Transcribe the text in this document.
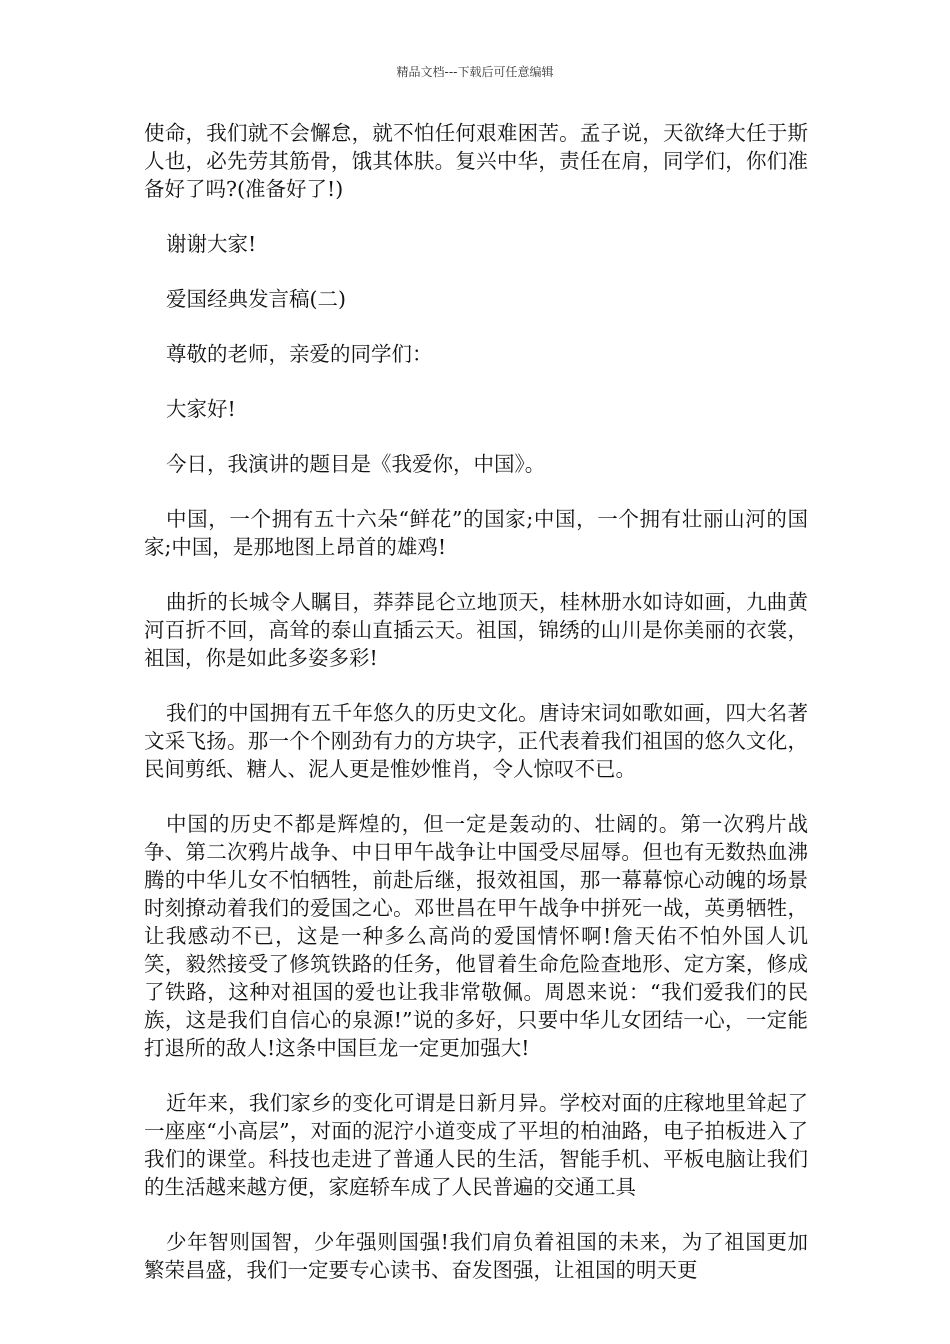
精品文档---下载后可任意编辑

使命，我们就不会懈怠，就不怕任何艰难困苦。孟子说，天欲绛大任于斯人也，必先劳其筋骨，饿其体肤。复兴中华，责任在肩，同学们，你们准备好了吗?(准备好了!)

谢谢大家!

爱国经典发言稿(二)

尊敬的老师，亲爱的同学们：

大家好!

今日，我演讲的题目是《我爱你，中国》。

中国，一个拥有五十六朵“鲜花”的国家;中国，一个拥有壮丽山河的国家;中国，是那地图上昂首的雄鸡!

曲折的长城令人瞩目，莽莽昆仑立地顶天，桂林册水如诗如画，九曲黄河百折不回，高耸的泰山直插云天。祖国，锦绣的山川是你美丽的衣裳，祖国，你是如此多姿多彩!

我们的中国拥有五千年悠久的历史文化。唐诗宋词如歌如画，四大名著文采飞扬。那一个个刚劲有力的方块字，正代表着我们祖国的悠久文化，民间剪纸、糖人、泥人更是惟妙惟肖，令人惊叹不已。

中国的历史不都是辉煌的，但一定是轰动的、壮阔的。第一次鸦片战争、第二次鸦片战争、中日甲午战争让中国受尽屈辱。但也有无数热血沸腾的中华儿女不怕牺牲，前赴后继，报效祖国，那一幕幕惊心动魄的场景时刻撩动着我们的爱国之心。邓世昌在甲午战争中拼死一战，英勇牺牲，让我感动不已，这是一种多么高尚的爱国情怀啊!詹天佑不怕外国人讥笑，毅然接受了修筑铁路的任务，他冒着生命危险查地形、定方案，修成了铁路，这种对祖国的爱也让我非常敬佩。周恩来说：“我们爱我们的民族，这是我们自信心的泉源!”说的多好，只要中华儿女团结一心，一定能打退所的敌人!这条中国巨龙一定更加强大!

近年来，我们家乡的变化可谓是日新月异。学校对面的庄稼地里耸起了一座座“小高层”，对面的泥泞小道变成了平坦的柏油路，电子拍板进入了我们的课堂。科技也走进了普通人民的生活，智能手机、平板电脑让我们的生活越来越方便，家庭轿车成了人民普遍的交通工具

少年智则国智，少年强则国强!我们肩负着祖国的未来，为了祖国更加繁荣昌盛，我们一定要专心读书、奋发图强，让祖国的明天更
